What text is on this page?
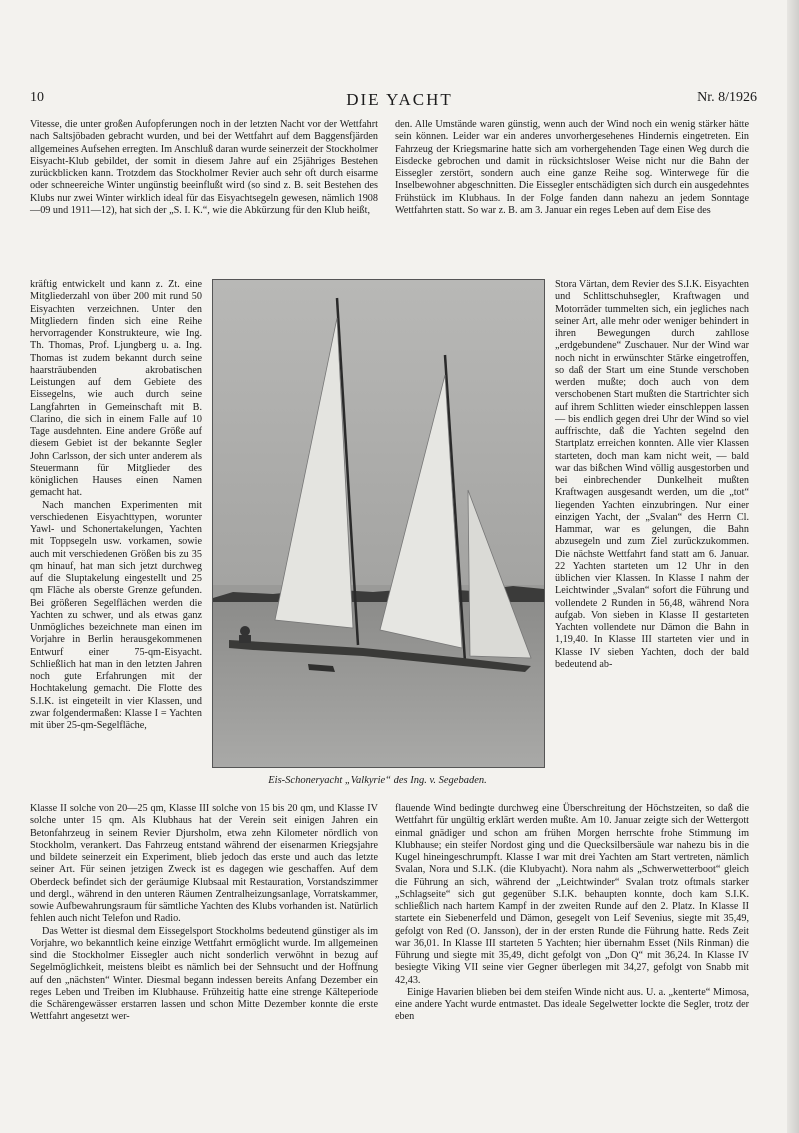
10	DIE YACHT	Nr. 8/1926

Vitesse, die unter großen Aufopferungen noch in der letzten Nacht vor der Wettfahrt nach Saltsjöbaden gebracht wurden, und bei der Wettfahrt auf dem Baggensfjärden allgemeines Aufsehen erregten. Im Anschluß daran wurde seinerzeit der Stockholmer Eisyacht-Klub gebildet, der somit in diesem Jahre auf ein 25jähriges Bestehen zurückblicken kann. Trotzdem das Stockholmer Revier auch sehr oft durch eisarme oder schneereiche Winter ungünstig beeinflußt wird (so sind z. B. seit Bestehen des Klubs nur zwei Winter wirklich ideal für das Eisyachtsegeln gewesen, nämlich 1908—09 und 1911—12), hat sich der „S. I. K.“, wie die Abkürzung für den Klub heißt,

kräftig entwickelt und kann z. Zt. eine Mitgliederzahl von über 200 mit rund 50 Eisyachten verzeichnen. Unter den Mitgliedern finden sich eine Reihe hervorragender Konstrukteure, wie Ing. Th. Thomas, Prof. Ljungberg u. a. Ing. Thomas ist zudem bekannt durch seine haarsträubenden akrobatischen Leistungen auf dem Gebiete des Eissegelns, wie auch durch seine Langfahrten in Gemeinschaft mit B. Clarino, die sich in einem Falle auf 10 Tage ausdehnten. Eine andere Größe auf diesem Gebiet ist der bekannte Segler John Carlsson, der sich unter anderem als Steuermann für Mitglieder des königlichen Hauses einen Namen gemacht hat.

Nach manchen Experimenten mit verschiedenen Eisyachttypen, worunter Yawl- und Schonertakelungen, Yachten mit Toppsegeln usw. vorkamen, sowie auch mit verschiedenen Größen bis zu 35 qm hinauf, hat man sich jetzt durchweg auf die Sluptakelung eingestellt und 25 qm Fläche als oberste Grenze gefunden. Bei größeren Segelflächen werden die Yachten zu schwer, und als etwas ganz Unmögliches bezeichnete man einen im Vorjahre in Berlin herausgekommenen Entwurf einer 75-qm-Eisyacht. Schließlich hat man in den letzten Jahren noch gute Erfahrungen mit der Hochtakelung gemacht. Die Flotte des S.I.K. ist eingeteilt in vier Klassen, und zwar folgendermaßen: Klasse I = Yachten mit über 25-qm-Segelfläche,

Klasse II solche von 20—25 qm, Klasse III solche von 15 bis 20 qm, und Klasse IV solche unter 15 qm. Als Klubhaus hat der Verein seit einigen Jahren ein Betonfahrzeug in seinem Revier Djursholm, etwa zehn Kilometer nördlich von Stockholm, verankert. Das Fahrzeug entstand während der eisenarmen Kriegsjahre und bildete seinerzeit ein Experiment, blieb jedoch das erste und auch das letzte seiner Art. Für seinen jetzigen Zweck ist es dagegen wie geschaffen. Auf dem Oberdeck befindet sich der geräumige Klubsaal mit Restauration, Vorstandszimmer und dergl., während in den unteren Räumen Zentralheizungsanlage, Vorratskammer, sowie Aufbewahrungsraum für sämtliche Yachten des Klubs vorhanden ist. Natürlich fehlen auch nicht Telefon und Radio.

Das Wetter ist diesmal dem Eissegelsport Stockholms bedeutend günstiger als im Vorjahre, wo bekanntlich keine einzige Wettfahrt ermöglicht wurde. Im allgemeinen sind die Stockholmer Eissegler auch nicht sonderlich verwöhnt in bezug auf Segelmöglichkeit, meistens bleibt es nämlich bei der Sehnsucht und der Hoffnung auf den „nächsten“ Winter. Diesmal begann indessen bereits Anfang Dezember ein reges Leben und Treiben im Klubhause. Frühzeitig hatte eine strenge Kälteperiode die Schärengewässer erstarren lassen und schon Mitte Dezember konnte die erste Wettfahrt angesetzt wer-

den. Alle Umstände waren günstig, wenn auch der Wind noch ein wenig stärker hätte sein können. Leider war ein anderes unvorhergesehenes Hindernis eingetreten. Ein Fahrzeug der Kriegsmarine hatte sich am vorhergehenden Tage einen Weg durch die Eisdecke gebrochen und damit in rücksichtsloser Weise nicht nur die Bahn der Eissegler zerstört, sondern auch eine ganze Reihe sog. Winterwege für die Inselbewohner abgeschnitten. Die Eissegler entschädigten sich durch ein ausgedehntes Frühstück im Klubhaus. In der Folge fanden dann nahezu an jedem Sonntage Wettfahrten statt. So war z. B. am 3. Januar ein reges Leben auf dem Eise des

Stora Värtan, dem Revier des S.I.K. Eisyachten und Schlittschuhsegler, Kraftwagen und Motorräder tummelten sich, ein jegliches nach seiner Art, alle mehr oder weniger behindert in ihren Bewegungen durch zahllose „erdgebundene“ Zuschauer. Nur der Wind war noch nicht in erwünschter Stärke eingetroffen, so daß der Start um eine Stunde verschoben werden mußte; doch auch von dem verschobenen Start mußten die Startrichter sich auf ihrem Schlitten wieder einschleppen lassen — bis endlich gegen drei Uhr der Wind so viel auffrischte, daß die Yachten segelnd den Startplatz erreichen konnten. Alle vier Klassen starteten, doch man kam nicht weit, — bald war das bißchen Wind völlig ausgestorben und bei einbrechender Dunkelheit mußten Kraftwagen ausgesandt werden, um die „tot“ liegenden Yachten einzubringen. Nur einer einzigen Yacht, der „Svalan“ des Herrn Cl. Hammar, war es gelungen, die Bahn abzusegeln und zum Ziel zurückzukommen. Die nächste Wettfahrt fand statt am 6. Januar. 22 Yachten starteten um 12 Uhr in den üblichen vier Klassen. In Klasse I nahm der Leichtwinder „Svalan“ sofort die Führung und vollendete 2 Runden in 56,48, während Nora aufgab. Von sieben in Klasse II gestarteten Yachten vollendete nur Dämon die Bahn in 1,19,40. In Klasse III starteten vier und in Klasse IV sieben Yachten, doch der bald bedeutend ab-

flauende Wind bedingte durchweg eine Überschreitung der Höchstzeiten, so daß die Wettfahrt für ungültig erklärt werden mußte. Am 10. Januar zeigte sich der Wettergott einmal gnädiger und schon am frühen Morgen herrschte frohe Stimmung im Klubhause; ein steifer Nordost ging und die Quecksilbersäule war nahezu bis in die Kugel hineingeschrumpft. Klasse I war mit drei Yachten am Start vertreten, nämlich Svalan, Nora und S.I.K. (die Klubyacht). Nora nahm als „Schwerwetterboot“ gleich die Führung an sich, während der „Leichtwinder“ Svalan trotz oftmals starker „Schlagseite“ sich gut gegenüber S.I.K. behaupten konnte, doch kam S.I.K. schließlich nach hartem Kampf in der zweiten Runde auf den 2. Platz. In Klasse II startete ein Siebenerfeld und Dämon, gesegelt von Leif Sevenius, siegte mit 35,49, gefolgt von Red (O. Jansson), der in der ersten Runde die Führung hatte. Reds Zeit war 36,01. In Klasse III starteten 5 Yachten; hier übernahm Esset (Nils Rinman) die Führung und siegte mit 35,49, dicht gefolgt von „Don Q“ mit 36,24. In Klasse IV besiegte Viking VII seine vier Gegner überlegen mit 34,27, gefolgt von Snabb mit 42,43.

Einige Havarien blieben bei dem steifen Winde nicht aus. U. a. „kenterte“ Mimosa, eine andere Yacht wurde entmastet. Das ideale Segelwetter lockte die Segler, trotz der eben

Eis-Schoneryacht „Valkyrie“ des Ing. v. Segebaden.
